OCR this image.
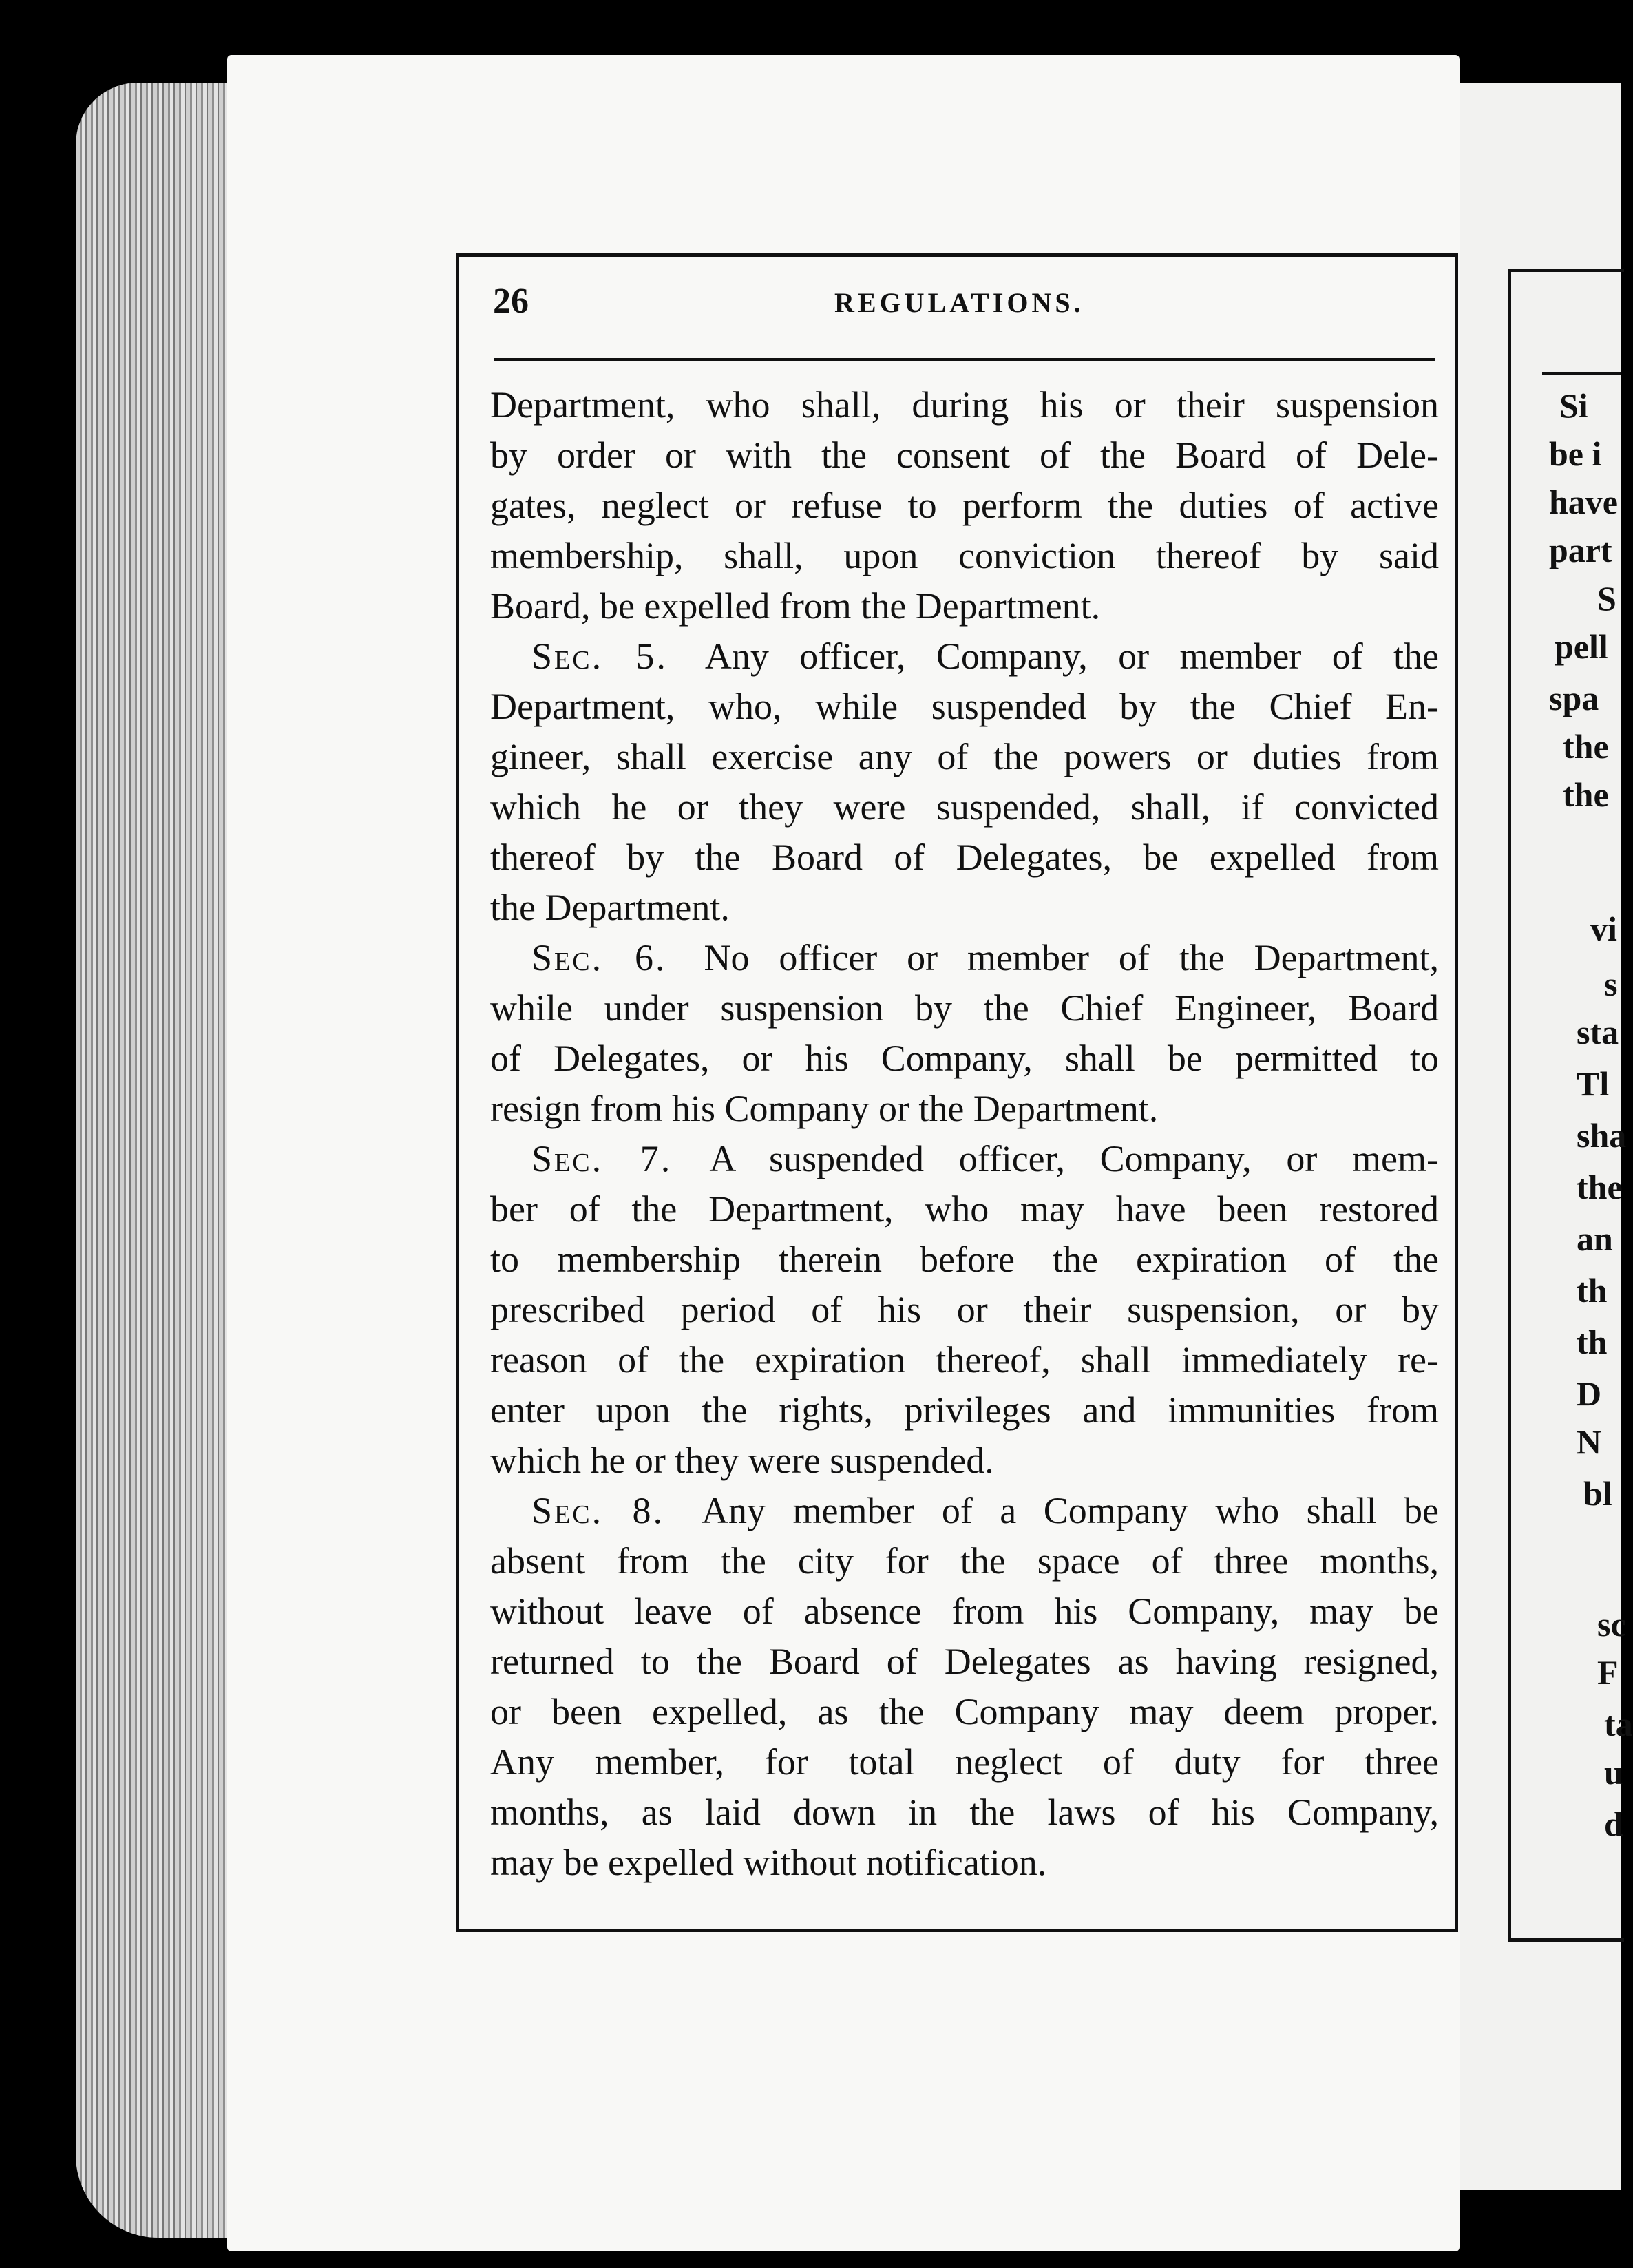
Si
be i
have
part
S
pell
spa
the
the
vi
s
sta
Tl
sha
the
an
th
th
D
N
bl
sc
F
ta
u
d
26	REGULATIONS.
Department, who shall, during his or their suspension
by order or with the consent of the Board of Dele-
gates, neglect or refuse to perform the duties of active
membership, shall, upon conviction thereof by said
Board, be expelled from the Department.
Sec. 5.  Any officer, Company, or member of the
Department, who, while suspended by the Chief En-
gineer, shall exercise any of the powers or duties from
which he or they were suspended, shall, if convicted
thereof by the Board of Delegates, be expelled from
the Department.
Sec. 6.  No officer or member of the Department,
while under suspension by the Chief Engineer, Board
of Delegates, or his Company, shall be permitted to
resign from his Company or the Department.
Sec. 7.  A suspended officer, Company, or mem-
ber of the Department, who may have been restored
to membership therein before the expiration of the
prescribed period of his or their suspension, or by
reason of the expiration thereof, shall immediately re-
enter upon the rights, privileges and immunities from
which he or they were suspended.
Sec. 8.  Any member of a Company who shall be
absent from the city for the space of three months,
without leave of absence from his Company, may be
returned to the Board of Delegates as having resigned,
or been expelled, as the Company may deem proper.
Any member, for total neglect of duty for three
months, as laid down in the laws of his Company,
may be expelled without notification.
